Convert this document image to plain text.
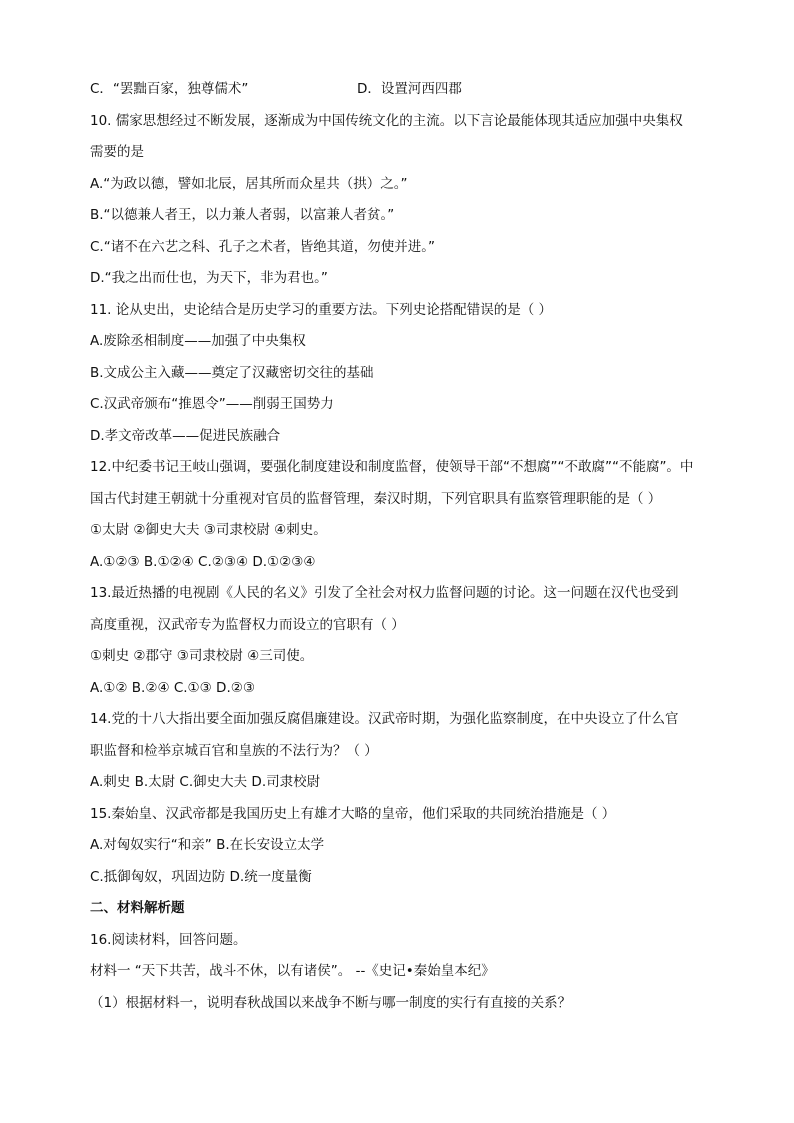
C．“罢黜百家，独尊儒术”	D．设置河西四郡

10. 儒家思想经过不断发展，逐渐成为中国传统文化的主流。以下言论最能体现其适应加强中央集权

需要的是

A.“为政以德，譬如北辰，居其所而众星共（拱）之。”

B.“以德兼人者王，以力兼人者弱，以富兼人者贫。”

C.“诸不在六艺之科、孔子之术者，皆绝其道，勿使并进。”

D.“我之出而仕也，为天下，非为君也。”

11. 论从史出，史论结合是历史学习的重要方法。下列史论搭配错误的是（ ）

A.废除丞相制度——加强了中央集权

B.文成公主入藏——奠定了汉藏密切交往的基础

C.汉武帝颁布“推恩令”——削弱王国势力

D.孝文帝改革——促进民族融合

12.中纪委书记王岐山强调，要强化制度建设和制度监督，使领导干部“不想腐”“不敢腐”“不能腐”。中

国古代封建王朝就十分重视对官员的监督管理，秦汉时期，下列官职具有监察管理职能的是（ ）

①太尉 ②御史大夫 ③司隶校尉 ④刺史。

A.①②③ B.①②④ C.②③④ D.①②③④

13.最近热播的电视剧《人民的名义》引发了全社会对权力监督问题的讨论。这一问题在汉代也受到

高度重视，汉武帝专为监督权力而设立的官职有（ ）

①刺史 ②郡守 ③司隶校尉 ④三司使。

A.①② B.②④ C.①③ D.②③

14.党的十八大指出要全面加强反腐倡廉建设。汉武帝时期，为强化监察制度，在中央设立了什么官

职监督和检举京城百官和皇族的不法行为？（ ）

A.刺史 B.太尉 C.御史大夫 D.司隶校尉

15.秦始皇、汉武帝都是我国历史上有雄才大略的皇帝，他们采取的共同统治措施是（ ）

A.对匈奴实行“和亲” B.在长安设立太学

C.抵御匈奴，巩固边防 D.统一度量衡

二、材料解析题

16.阅读材料，回答问题。

材料一 “天下共苦，战斗不休，以有诸侯”。 --《史记•秦始皇本纪》

（1）根据材料一，说明春秋战国以来战争不断与哪一制度的实行有直接的关系？
